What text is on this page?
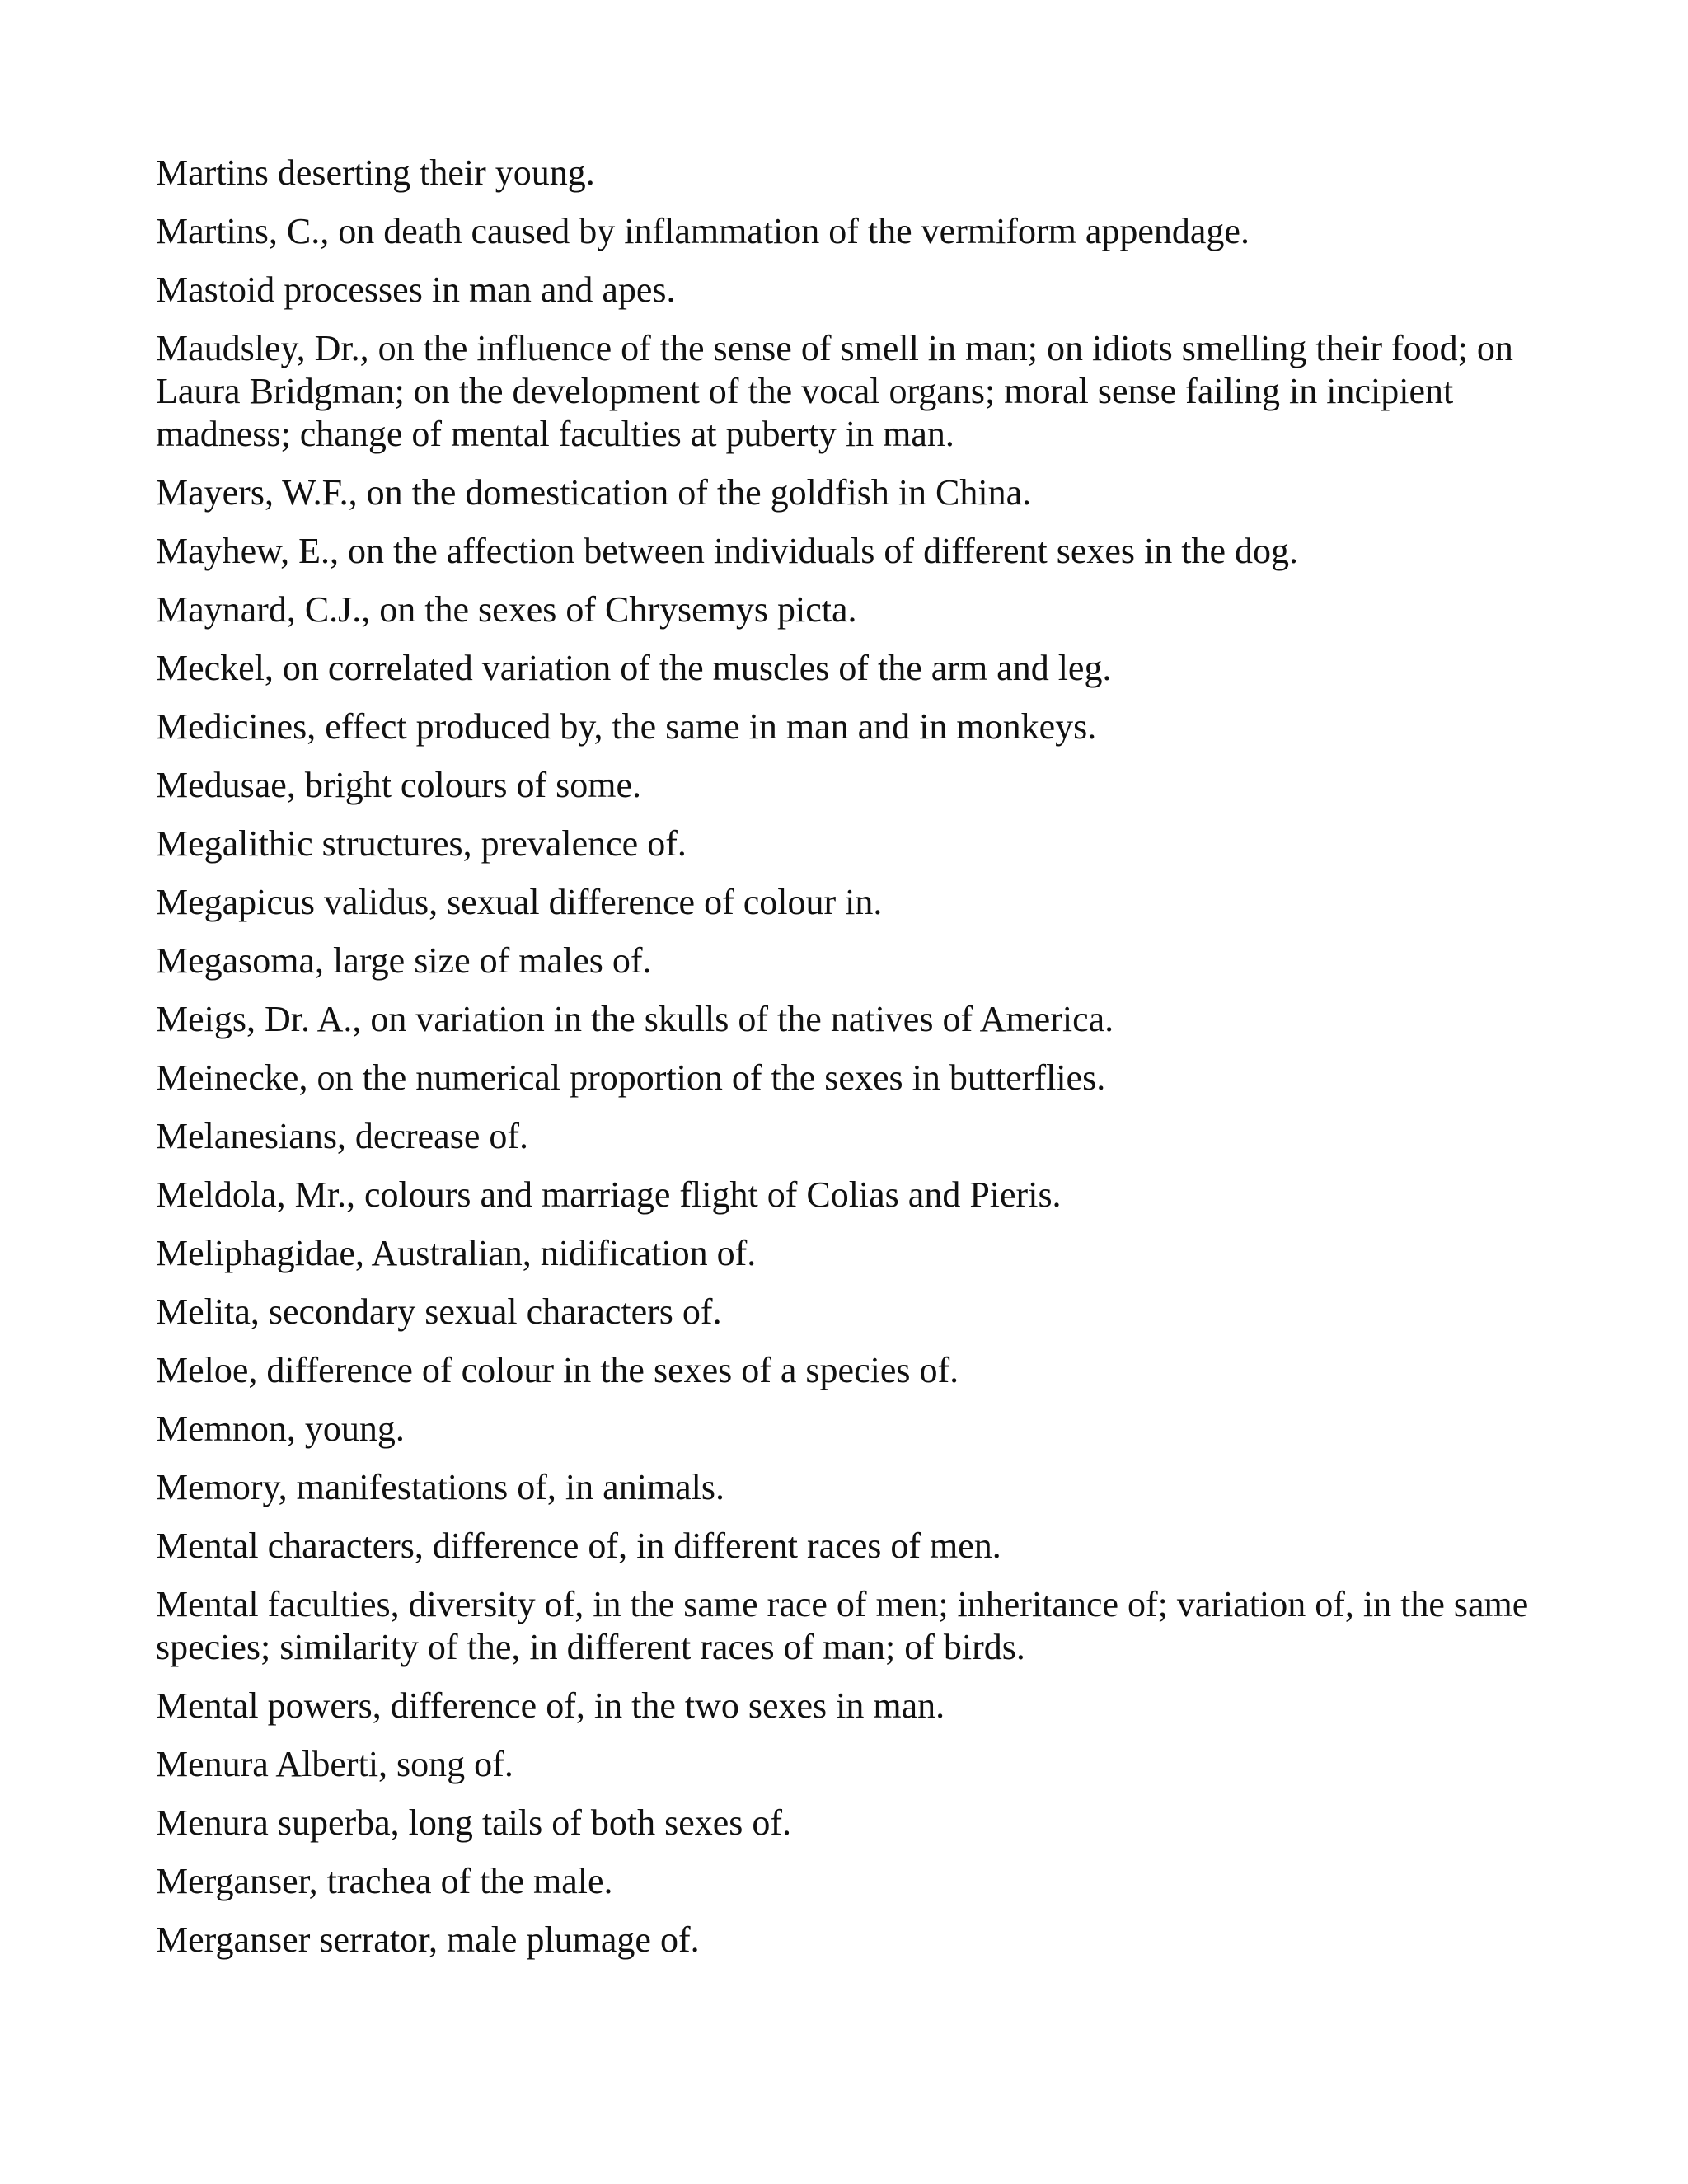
Martins deserting their young.
Martins, C., on death caused by inflammation of the vermiform appendage.
Mastoid processes in man and apes.
Maudsley, Dr., on the influence of the sense of smell in man; on idiots smelling their food; on Laura Bridgman; on the development of the vocal organs; moral sense failing in incipient madness; change of mental faculties at puberty in man.
Mayers, W.F., on the domestication of the goldfish in China.
Mayhew, E., on the affection between individuals of different sexes in the dog.
Maynard, C.J., on the sexes of Chrysemys picta.
Meckel, on correlated variation of the muscles of the arm and leg.
Medicines, effect produced by, the same in man and in monkeys.
Medusae, bright colours of some.
Megalithic structures, prevalence of.
Megapicus validus, sexual difference of colour in.
Megasoma, large size of males of.
Meigs, Dr. A., on variation in the skulls of the natives of America.
Meinecke, on the numerical proportion of the sexes in butterflies.
Melanesians, decrease of.
Meldola, Mr., colours and marriage flight of Colias and Pieris.
Meliphagidae, Australian, nidification of.
Melita, secondary sexual characters of.
Meloe, difference of colour in the sexes of a species of.
Memnon, young.
Memory, manifestations of, in animals.
Mental characters, difference of, in different races of men.
Mental faculties, diversity of, in the same race of men; inheritance of; variation of, in the same species; similarity of the, in different races of man; of birds.
Mental powers, difference of, in the two sexes in man.
Menura Alberti, song of.
Menura superba, long tails of both sexes of.
Merganser, trachea of the male.
Merganser serrator, male plumage of.
